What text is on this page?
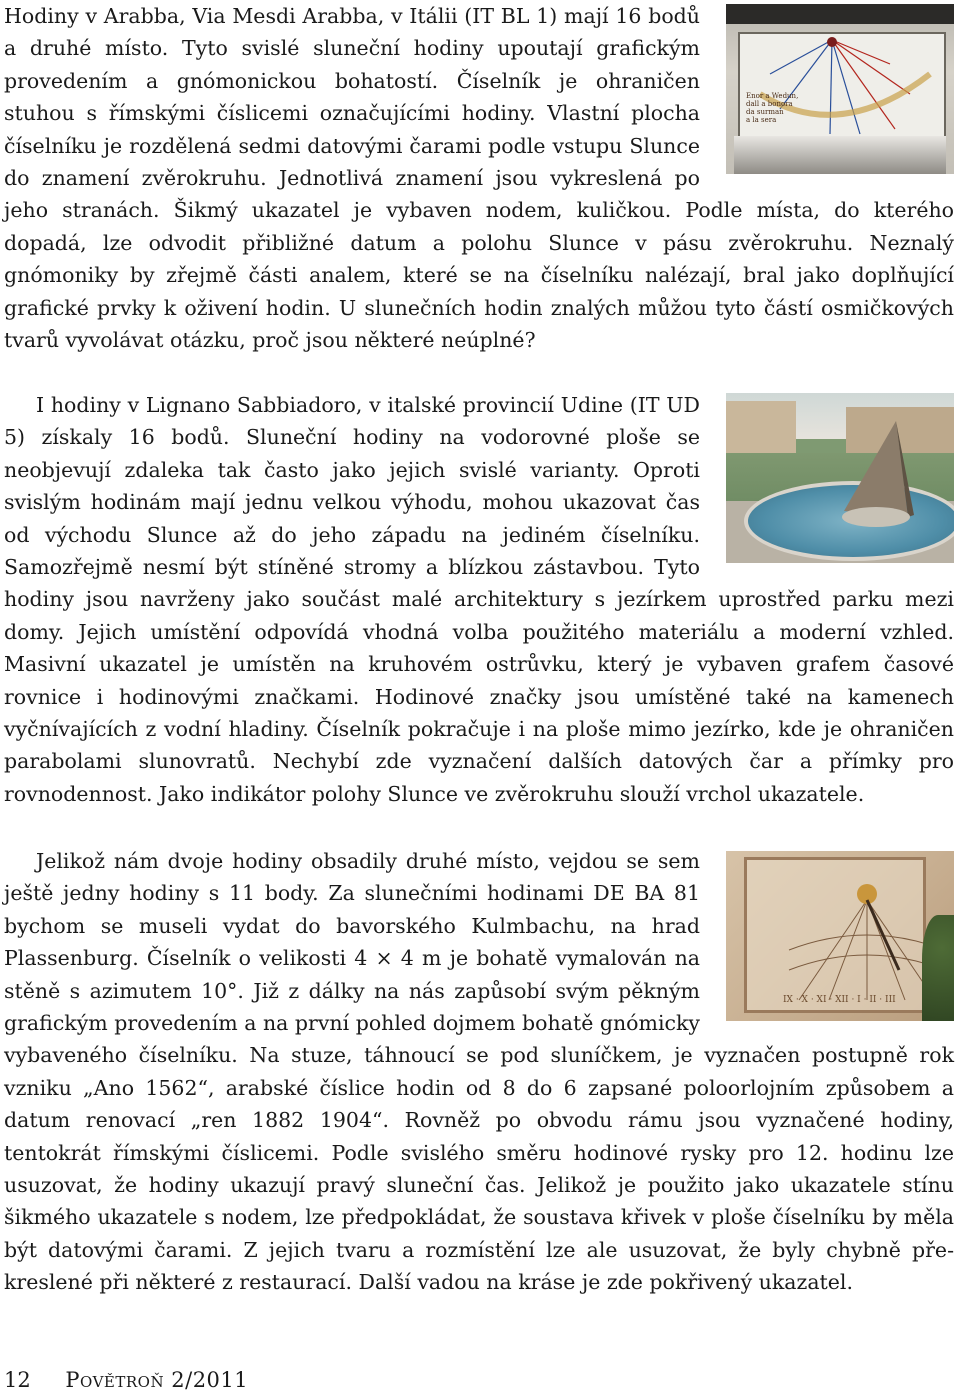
Enor a Wedun,
dall a bonora
da surman
a la sera
Hodiny v Arabba, Via Mesdi Arabba, v Itálii (IT BL 1) mají 16 bodů a druhé místo. Tyto svislé sluneční hodiny upoutají grafickým provedením a gnómonickou bohatostí. Číselník je ohraničen stuhou s římskými číslicemi označujícími hodiny. Vlastní plocha číselníku je rozdělená sedmi datovými čarami podle vstupu Slunce do znamení zvěrokruhu. Jednotlivá znamení jsou vykreslená po jeho stranách. Šikmý ukazatel je vybaven nodem, kuličkou. Podle místa, do kterého dopadá, lze odvodit přibližné datum a polohu Slunce v pásu zvěrokruhu. Neznalý gnómoniky by zřejmě části analem, které se na číselníku nalézají, bral jako doplňující grafické prvky k oživení hodin. U slunečních hodin znalých můžou tyto částí osmičkových tvarů vyvolávat otázku, proč jsou některé neúplné?
I hodiny v Lignano Sabbiadoro, v italské provincií Udine (IT UD 5) získaly 16 bodů. Sluneční hodiny na vodorovné ploše se neobjevují zdaleka tak často jako jejich svislé varianty. Oproti svislým hodinám mají jednu velkou výhodu, mohou ukazovat čas od východu Slunce až do jeho západu na jediném číselníku. Samozřejmě nesmí být stíněné stromy a blízkou zástavbou. Tyto hodiny jsou navrženy jako součást malé architektury s jezírkem uprostřed parku mezi domy. Jejich umístění odpovídá vhodná volba použitého materiálu a moderní vzhled. Masivní ukazatel je umístěn na kruhovém ostrůvku, který je vybaven grafem časové rovnice i hodinovými značkami. Hodinové značky jsou umístěné také na kamenech vyčnívajících z vodní hladiny. Číselník pokračuje i na ploše mimo jezírko, kde je ohraničen parabolami slunovratů. Nechybí zde vyznačení dalších datových čar a přímky pro rovnodennost. Jako indikátor polohy Slunce ve zvěrokruhu slouží vrchol ukazatele.
IX · X · XI · XII · I · II · III
Jelikož nám dvoje hodiny obsadily druhé místo, vejdou se sem ještě jedny hodiny s 11 body. Za slunečními hodinami DE BA 81 bychom se museli vydat do bavorského Kulmbachu, na hrad Plassenburg. Číselník o velikosti 4 × 4 m je bohatě vymalován na stěně s azimutem 10°. Již z dálky na nás zapůsobí svým pěkným grafickým provedením a na první pohled dojmem bohatě gnómicky vybaveného číselníku. Na stuze, táhnoucí se pod sluníčkem, je vyznačen postupně rok vzniku „Ano 1562“, arabské číslice hodin od 8 do 6 zapsané poloorlojním způsobem a datum renovací „ren 1882 1904“. Rovněž po obvodu rámu jsou vyznačené hodiny, tentokrát římskými číslicemi. Podle svislého směru hodinové rysky pro 12. hodinu lze usuzovat, že hodiny ukazují pravý sluneční čas. Jelikož je použito jako ukazatele stínu šikmého ukazatele s nodem, lze předpokládat, že soustava křivek v ploše číselníku by měla být datovými čarami. Z jejich tvaru a rozmístění lze ale usuzovat, že byly chybně překreslené při některé z restaurací. Další vadou na kráse je zde pokřivený ukazatel.
12 Povětroň 2/2011
